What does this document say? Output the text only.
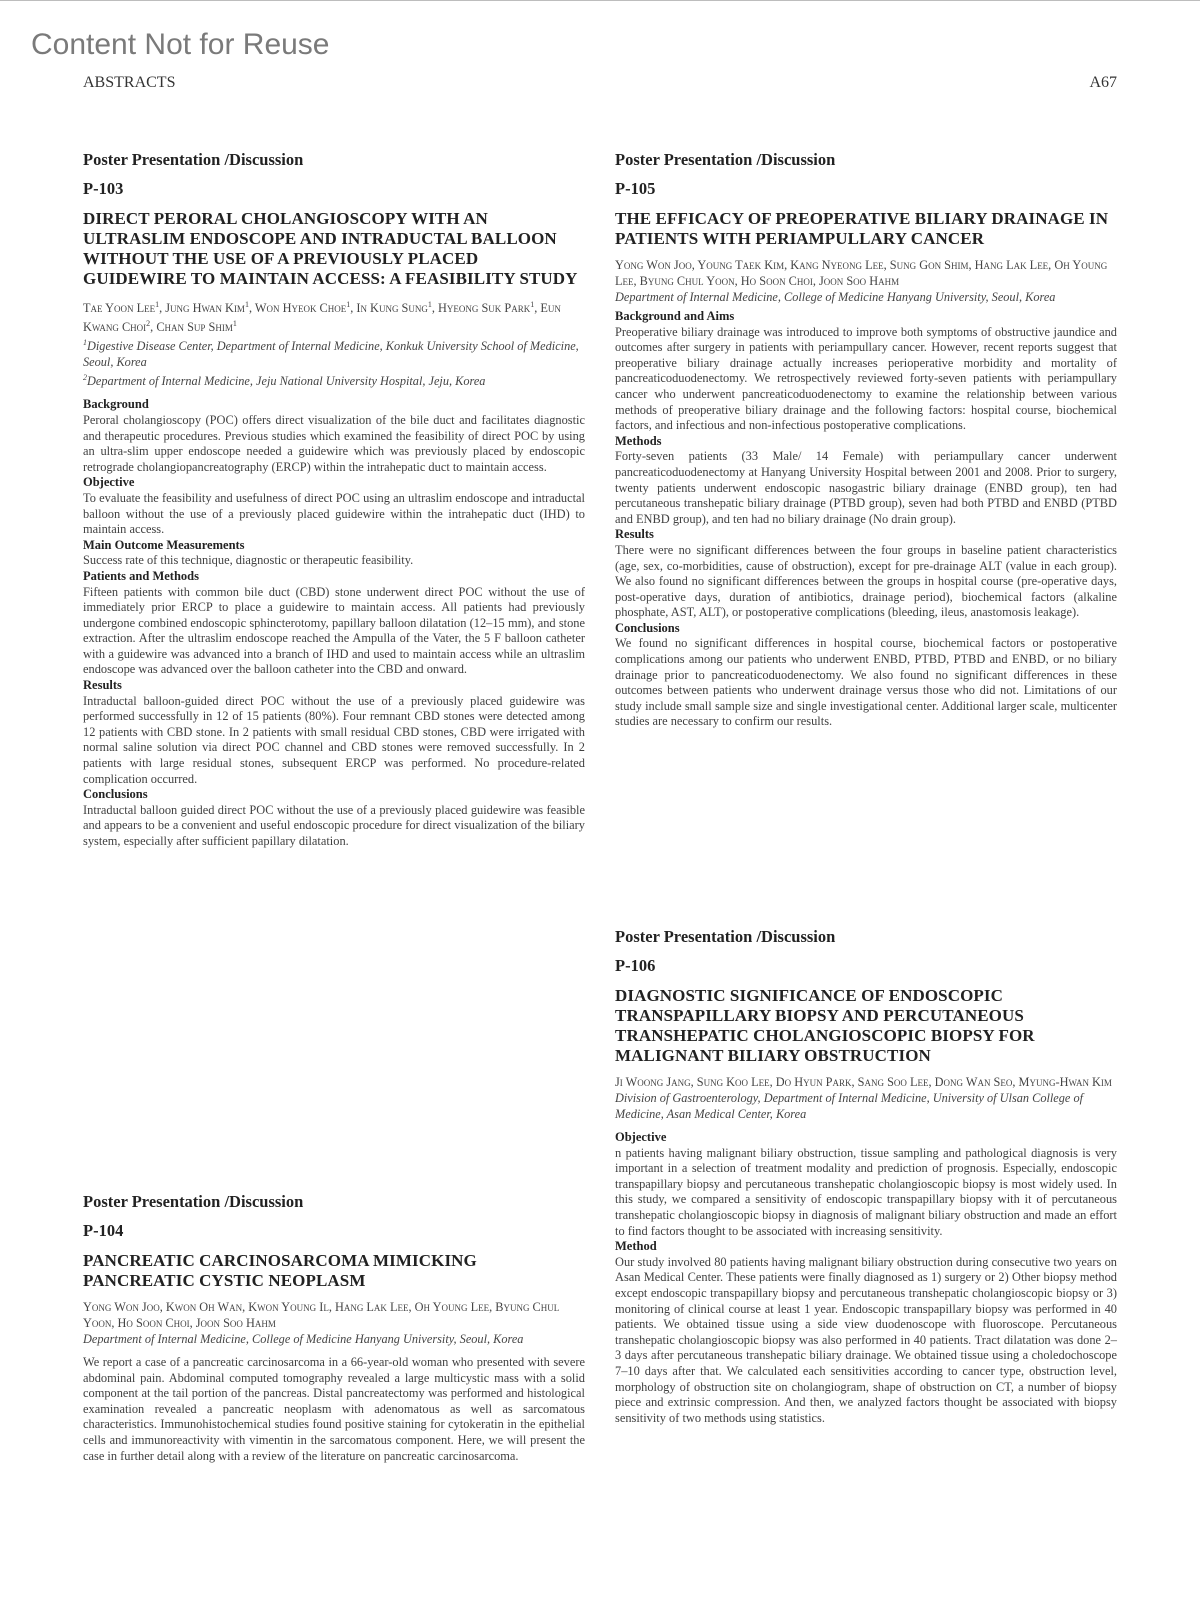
Content Not for Reuse
ABSTRACTS	A67
Poster Presentation /Discussion
P-103
DIRECT PERORAL CHOLANGIOSCOPY WITH AN ULTRASLIM ENDOSCOPE AND INTRADUCTAL BALLOON WITHOUT THE USE OF A PREVIOUSLY PLACED GUIDEWIRE TO MAINTAIN ACCESS: A FEASIBILITY STUDY
Tae Yoon Lee$^1$, Jung Hwan Kim$^1$, Won Hyeok Choe$^1$, In Kung Sung$^1$, Hyeong Suk Park$^1$, Eun Kwang Choi$^2$, Chan Sup Shim$^1$
$^1$Digestive Disease Center, Department of Internal Medicine, Konkuk University School of Medicine, Seoul, Korea
$^2$Department of Internal Medicine, Jeju National University Hospital, Jeju, Korea
Background
Peroral cholangioscopy (POC) offers direct visualization of the bile duct and facilitates diagnostic and therapeutic procedures. Previous studies which examined the feasibility of direct POC by using an ultra-slim upper endoscope needed a guidewire which was previously placed by endoscopic retrograde cholangiopancreatography (ERCP) within the intrahepatic duct to maintain access.
Objective
To evaluate the feasibility and usefulness of direct POC using an ultraslim endoscope and intraductal balloon without the use of a previously placed guidewire within the intrahepatic duct (IHD) to maintain access.
Main Outcome Measurements
Success rate of this technique, diagnostic or therapeutic feasibility.
Patients and Methods
Fifteen patients with common bile duct (CBD) stone underwent direct POC without the use of immediately prior ERCP to place a guidewire to maintain access. All patients had previously undergone combined endoscopic sphincterotomy, papillary balloon dilatation (12–15 mm), and stone extraction. After the ultraslim endoscope reached the Ampulla of the Vater, the 5 F balloon catheter with a guidewire was advanced into a branch of IHD and used to maintain access while an ultraslim endoscope was advanced over the balloon catheter into the CBD and onward.
Results
Intraductal balloon-guided direct POC without the use of a previously placed guidewire was performed successfully in 12 of 15 patients (80%). Four remnant CBD stones were detected among 12 patients with CBD stone. In 2 patients with small residual CBD stones, CBD were irrigated with normal saline solution via direct POC channel and CBD stones were removed successfully. In 2 patients with large residual stones, subsequent ERCP was performed. No procedure-related complication occurred.
Conclusions
Intraductal balloon guided direct POC without the use of a previously placed guidewire was feasible and appears to be a convenient and useful endoscopic procedure for direct visualization of the biliary system, especially after sufficient papillary dilatation.
Poster Presentation /Discussion
P-104
PANCREATIC CARCINOSARCOMA MIMICKING PANCREATIC CYSTIC NEOPLASM
Yong Won Joo, Kwon Oh Wan, Kwon Young Il, Hang Lak Lee, Oh Young Lee, Byung Chul Yoon, Ho Soon Choi, Joon Soo Hahm
Department of Internal Medicine, College of Medicine Hanyang University, Seoul, Korea
We report a case of a pancreatic carcinosarcoma in a 66-year-old woman who presented with severe abdominal pain. Abdominal computed tomography revealed a large multicystic mass with a solid component at the tail portion of the pancreas. Distal pancreatectomy was performed and histological examination revealed a pancreatic neoplasm with adenomatous as well as sarcomatous characteristics. Immunohistochemical studies found positive staining for cytokeratin in the epithelial cells and immunoreactivity with vimentin in the sarcomatous component. Here, we will present the case in further detail along with a review of the literature on pancreatic carcinosarcoma.
Poster Presentation /Discussion
P-105
THE EFFICACY OF PREOPERATIVE BILIARY DRAINAGE IN PATIENTS WITH PERIAMPULLARY CANCER
Yong Won Joo, Young Taek Kim, Kang Nyeong Lee, Sung Gon Shim, Hang Lak Lee, Oh Young Lee, Byung Chul Yoon, Ho Soon Choi, Joon Soo Hahm
Department of Internal Medicine, College of Medicine Hanyang University, Seoul, Korea
Background and Aims
Preoperative biliary drainage was introduced to improve both symptoms of obstructive jaundice and outcomes after surgery in patients with periampullary cancer. However, recent reports suggest that preoperative biliary drainage actually increases perioperative morbidity and mortality of pancreaticoduodenectomy. We retrospectively reviewed forty-seven patients with periampullary cancer who underwent pancreaticoduodenectomy to examine the relationship between various methods of preoperative biliary drainage and the following factors: hospital course, biochemical factors, and infectious and non-infectious postoperative complications.
Methods
Forty-seven patients (33 Male/ 14 Female) with periampullary cancer underwent pancreaticoduodenectomy at Hanyang University Hospital between 2001 and 2008. Prior to surgery, twenty patients underwent endoscopic nasogastric biliary drainage (ENBD group), ten had percutaneous transhepatic biliary drainage (PTBD group), seven had both PTBD and ENBD (PTBD and ENBD group), and ten had no biliary drainage (No drain group).
Results
There were no significant differences between the four groups in baseline patient characteristics (age, sex, co-morbidities, cause of obstruction), except for pre-drainage ALT (value in each group). We also found no significant differences between the groups in hospital course (pre-operative days, post-operative days, duration of antibiotics, drainage period), biochemical factors (alkaline phosphate, AST, ALT), or postoperative complications (bleeding, ileus, anastomosis leakage).
Conclusions
We found no significant differences in hospital course, biochemical factors or postoperative complications among our patients who underwent ENBD, PTBD, PTBD and ENBD, or no biliary drainage prior to pancreaticoduodenectomy. We also found no significant differences in these outcomes between patients who underwent drainage versus those who did not. Limitations of our study include small sample size and single investigational center. Additional larger scale, multicenter studies are necessary to confirm our results.
Poster Presentation /Discussion
P-106
DIAGNOSTIC SIGNIFICANCE OF ENDOSCOPIC TRANSPAPILLARY BIOPSY AND PERCUTANEOUS TRANSHEPATIC CHOLANGIOSCOPIC BIOPSY FOR MALIGNANT BILIARY OBSTRUCTION
Ji Woong Jang, Sung Koo Lee, Do Hyun Park, Sang Soo Lee, Dong Wan Seo, Myung-Hwan Kim
Division of Gastroenterology, Department of Internal Medicine, University of Ulsan College of Medicine, Asan Medical Center, Korea
Objective
n patients having malignant biliary obstruction, tissue sampling and pathological diagnosis is very important in a selection of treatment modality and prediction of prognosis. Especially, endoscopic transpapillary biopsy and percutaneous transhepatic cholangioscopic biopsy is most widely used. In this study, we compared a sensitivity of endoscopic transpapillary biopsy with it of percutaneous transhepatic cholangioscopic biopsy in diagnosis of malignant biliary obstruction and made an effort to find factors thought to be associated with increasing sensitivity.
Method
Our study involved 80 patients having malignant biliary obstruction during consecutive two years on Asan Medical Center. These patients were finally diagnosed as 1) surgery or 2) Other biopsy method except endoscopic transpapillary biopsy and percutaneous transhepatic cholangioscopic biopsy or 3) monitoring of clinical course at least 1 year. Endoscopic transpapillary biopsy was performed in 40 patients. We obtained tissue using a side view duodenoscope with fluoroscope. Percutaneous transhepatic cholangioscopic biopsy was also performed in 40 patients. Tract dilatation was done 2–3 days after percutaneous transhepatic biliary drainage. We obtained tissue using a choledochoscope 7–10 days after that. We calculated each sensitivities according to cancer type, obstruction level, morphology of obstruction site on cholangiogram, shape of obstruction on CT, a number of biopsy piece and extrinsic compression. And then, we analyzed factors thought be associated with biopsy sensitivity of two methods using statistics.
